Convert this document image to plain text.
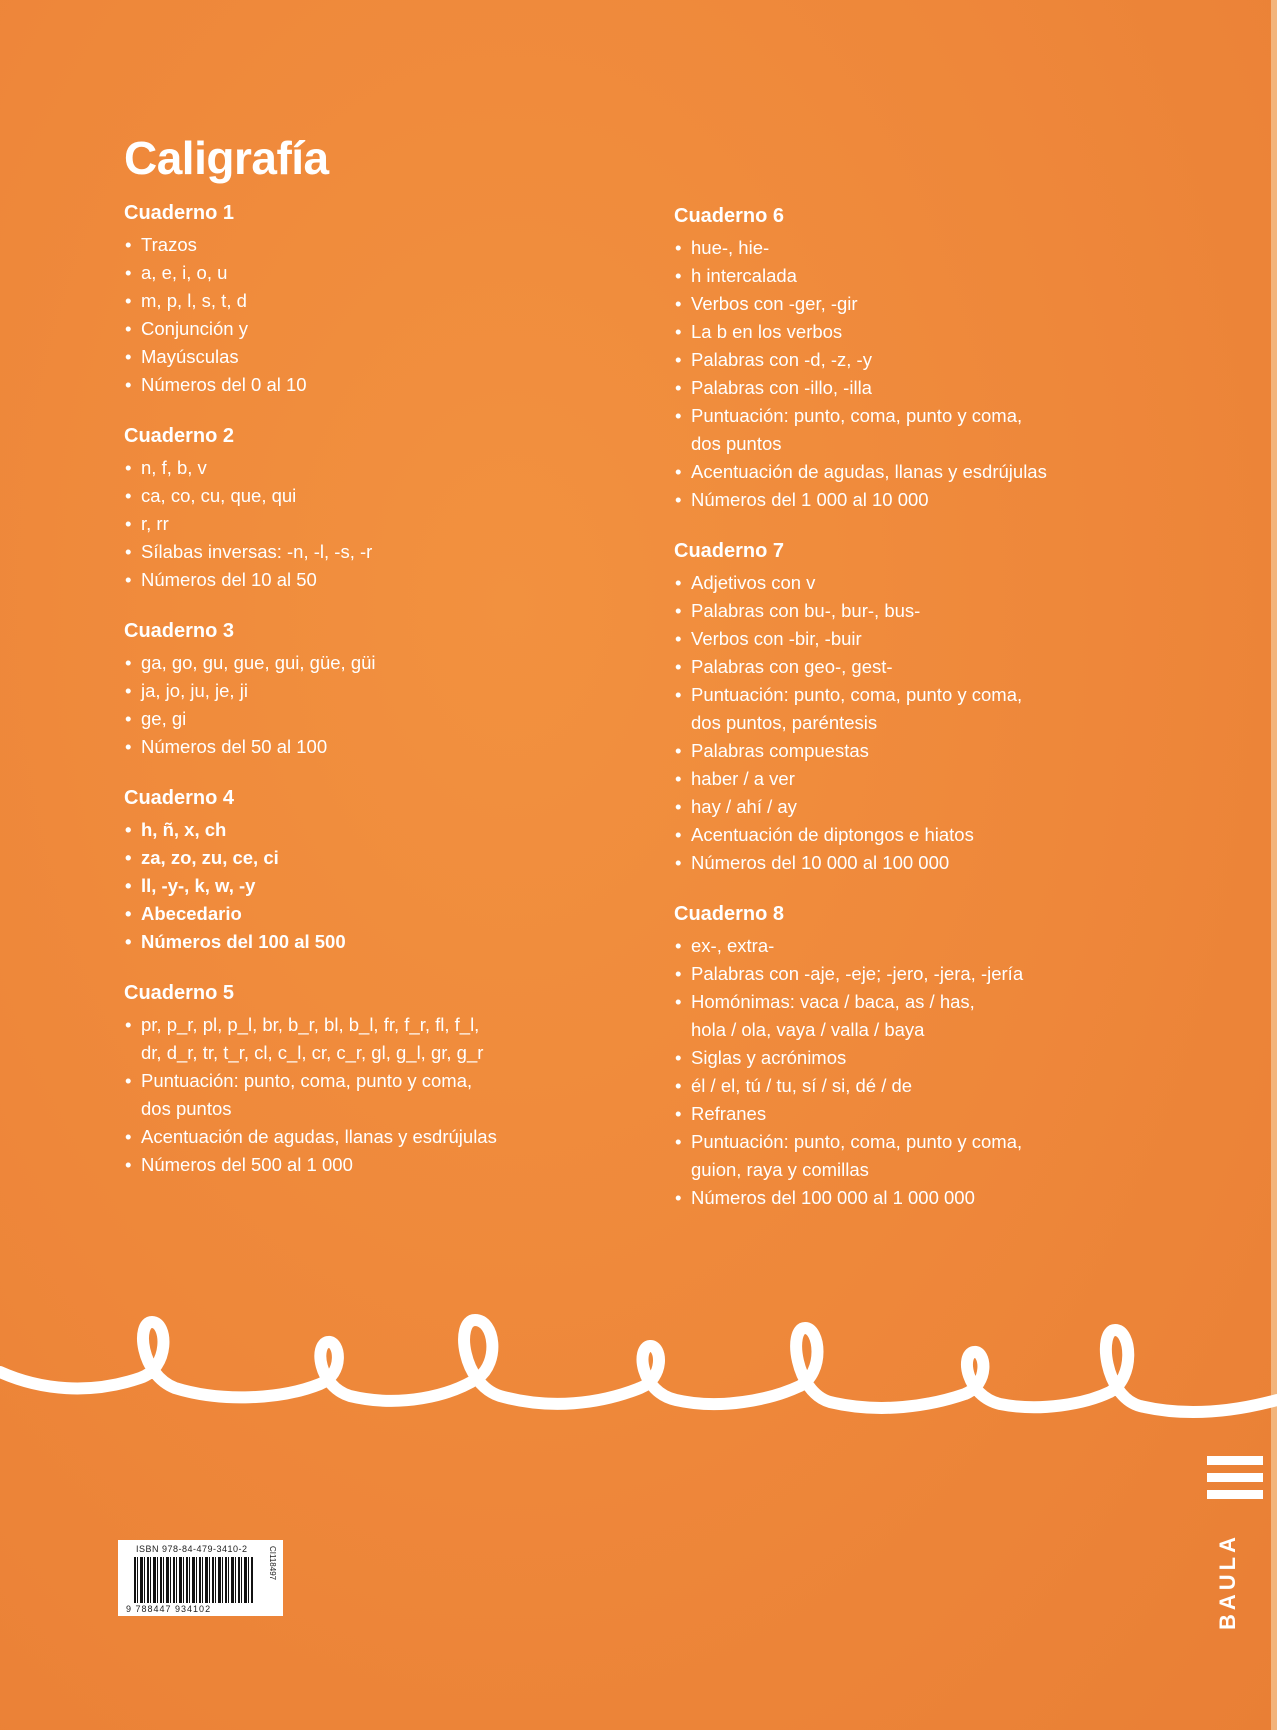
Caligrafía
Cuaderno 1
• Trazos
• a, e, i, o, u
• m, p, l, s, t, d
• Conjunción y
• Mayúsculas
• Números del 0 al 10
Cuaderno 2
• n, f, b, v
• ca, co, cu, que, qui
• r, rr
• Sílabas inversas: -n, -l, -s, -r
• Números del 10 al 50
Cuaderno 3
• ga, go, gu, gue, gui, güe, güi
• ja, jo, ju, je, ji
• ge, gi
• Números del 50 al 100
Cuaderno 4
• h, ñ, x, ch
• za, zo, zu, ce, ci
• ll, -y-, k, w, -y
• Abecedario
• Números del 100 al 500
Cuaderno 5
• pr, p_r, pl, p_l, br, b_r, bl, b_l, fr, f_r, fl, f_l,
dr, d_r, tr, t_r, cl, c_l, cr, c_r, gl, g_l, gr, g_r
• Puntuación: punto, coma, punto y coma,
dos puntos
• Acentuación de agudas, llanas y esdrújulas
• Números del 500 al 1 000
Cuaderno 6
• hue-, hie-
• h intercalada
• Verbos con -ger, -gir
• La b en los verbos
• Palabras con -d, -z, -y
• Palabras con -illo, -illa
• Puntuación: punto, coma, punto y coma,
dos puntos
• Acentuación de agudas, llanas y esdrújulas
• Números del 1 000 al 10 000
Cuaderno 7
• Adjetivos con v
• Palabras con bu-, bur-, bus-
• Verbos con -bir, -buir
• Palabras con geo-, gest-
• Puntuación: punto, coma, punto y coma,
dos puntos, paréntesis
• Palabras compuestas
• haber / a ver
• hay / ahí / ay
• Acentuación de diptongos e hiatos
• Números del 10 000 al 100 000
Cuaderno 8
• ex-, extra-
• Palabras con -aje, -eje; -jero, -jera, -jería
• Homónimas: vaca / baca, as / has,
hola / ola, vaya / valla / baya
• Siglas y acrónimos
• él / el, tú / tu, sí / si, dé / de
• Refranes
• Puntuación: punto, coma, punto y coma,
guion, raya y comillas
• Números del 100 000 al 1 000 000
ISBN 978-84-479-3410-2
9 788447 934102
CI118497	BAULA
